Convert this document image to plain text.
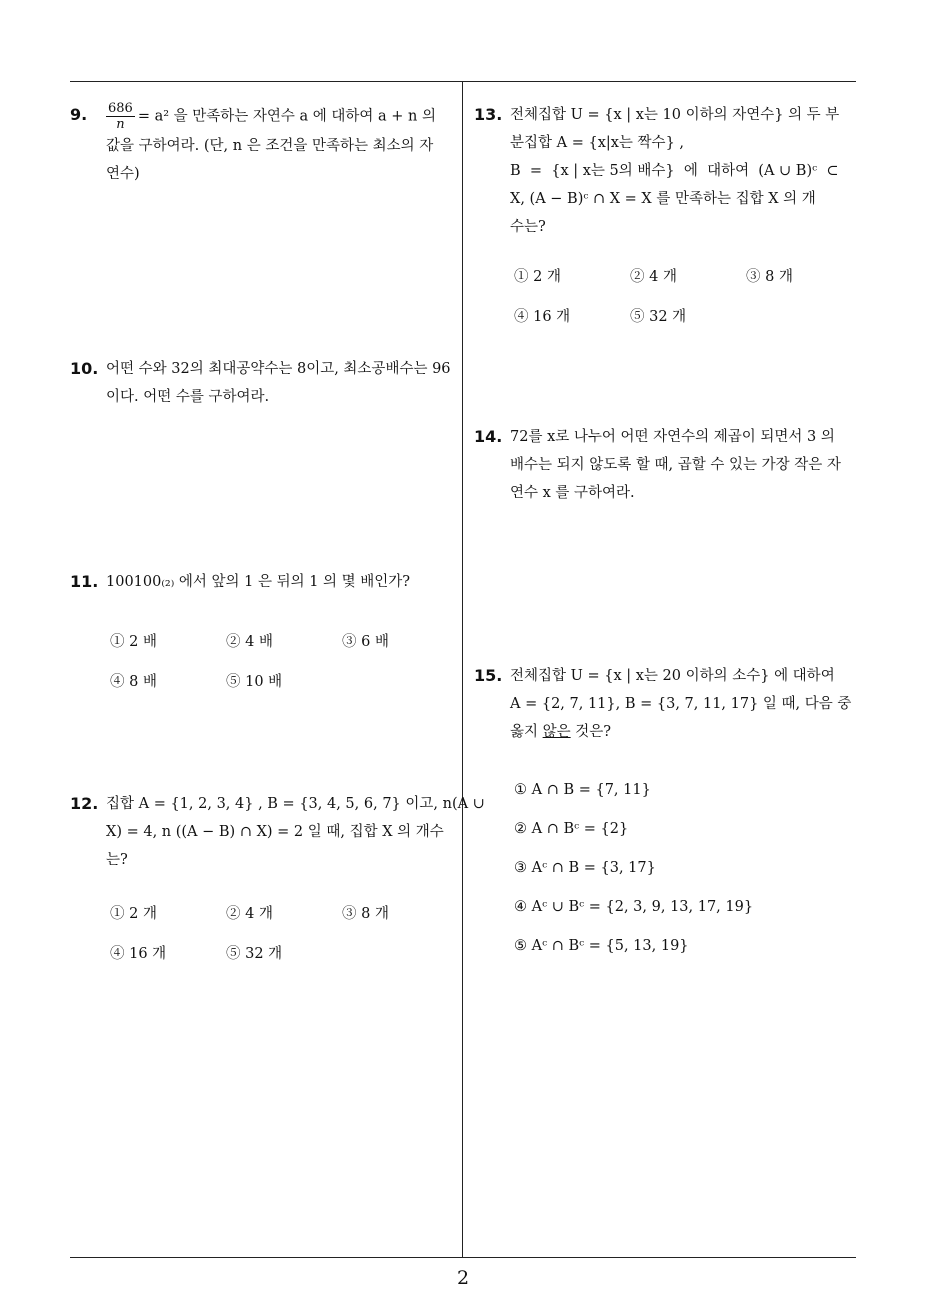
9. $\frac{686}{n} = a^2$ 을 만족하는 자연수 a 에 대하여 a + n 의
값을 구하여라. (단, n 은 조건을 만족하는 최소의 자
연수)
10. 어떤 수와 32의 최대공약수는 8이고, 최소공배수는 96
이다. 어떤 수를 구하여라.
11. 100100₍₂₎ 에서 앞의 1 은 뒤의 1 의 몇 배인가?
① 2 배	② 4 배	③ 6 배
④ 8 배	⑤ 10 배
12. 집합 A = {1, 2, 3, 4} , B = {3, 4, 5, 6, 7} 이고, n(A ∪
X) = 4, n ((A − B) ∩ X) = 2 일 때, 집합 X 의 개수
는?
① 2 개	② 4 개	③ 8 개
④ 16 개	⑤ 32 개
13. 전체집합 U = {x | x는 10 이하의 자연수} 의 두 부
분집합 A = {x|x는 짝수} ,
B  =  {x | x는 5의 배수}  에  대하여  (A ∪ B)ᶜ  ⊂
X, (A − B)ᶜ ∩ X = X 를 만족하는 집합 X 의 개
수는?
① 2 개	② 4 개	③ 8 개
④ 16 개	⑤ 32 개
14. 72를 x로 나누어 어떤 자연수의 제곱이 되면서 3 의
배수는 되지 않도록 할 때, 곱할 수 있는 가장 작은 자
연수 x 를 구하여라.
15. 전체집합 U = {x | x는 20 이하의 소수} 에 대하여
A = {2, 7, 11}, B = {3, 7, 11, 17} 일 때, 다음 중
옳지 않은 것은?
① A ∩ B = {7, 11}
② A ∩ Bᶜ = {2}
③ Aᶜ ∩ B = {3, 17}
④ Aᶜ ∪ Bᶜ = {2, 3, 9, 13, 17, 19}
⑤ Aᶜ ∩ Bᶜ = {5, 13, 19}
2
